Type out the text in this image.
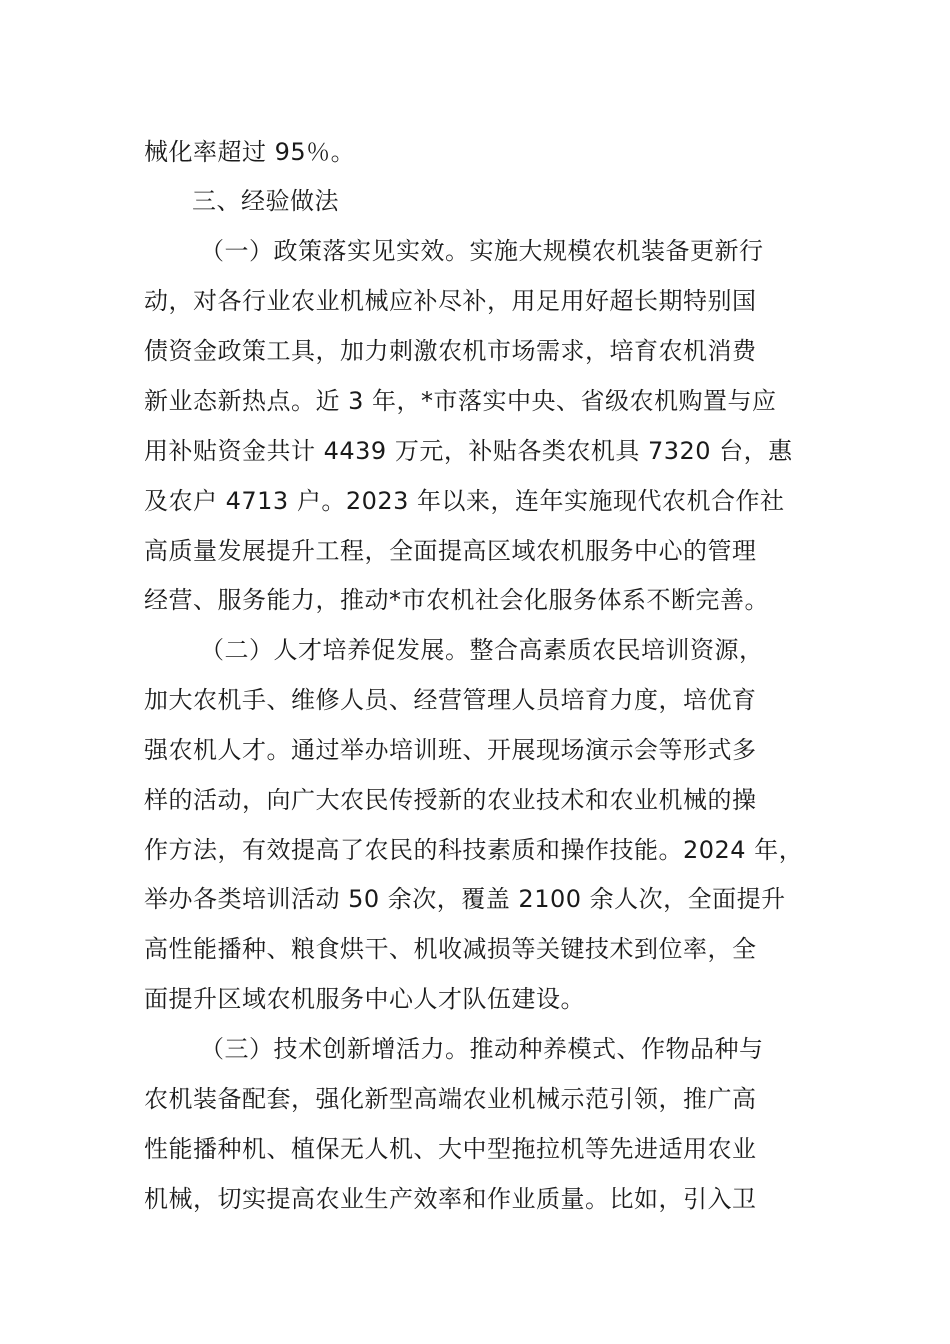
械化率超过 95％。
三、经验做法
（一）政策落实见实效。实施大规模农机装备更新行
动，对各行业农业机械应补尽补，用足用好超长期特别国
债资金政策工具，加力刺激农机市场需求，培育农机消费
新业态新热点。近 3 年，*市落实中央、省级农机购置与应
用补贴资金共计 4439 万元，补贴各类农机具 7320 台，惠
及农户 4713 户。2023 年以来，连年实施现代农机合作社
高质量发展提升工程，全面提高区域农机服务中心的管理
经营、服务能力，推动*市农机社会化服务体系不断完善。
（二）人才培养促发展。整合高素质农民培训资源，
加大农机手、维修人员、经营管理人员培育力度，培优育
强农机人才。通过举办培训班、开展现场演示会等形式多
样的活动，向广大农民传授新的农业技术和农业机械的操
作方法，有效提高了农民的科技素质和操作技能。2024 年，
举办各类培训活动 50 余次，覆盖 2100 余人次，全面提升
高性能播种、粮食烘干、机收减损等关键技术到位率，全
面提升区域农机服务中心人才队伍建设。
（三）技术创新增活力。推动种养模式、作物品种与
农机装备配套，强化新型高端农业机械示范引领，推广高
性能播种机、植保无人机、大中型拖拉机等先进适用农业
机械，切实提高农业生产效率和作业质量。比如，引入卫
